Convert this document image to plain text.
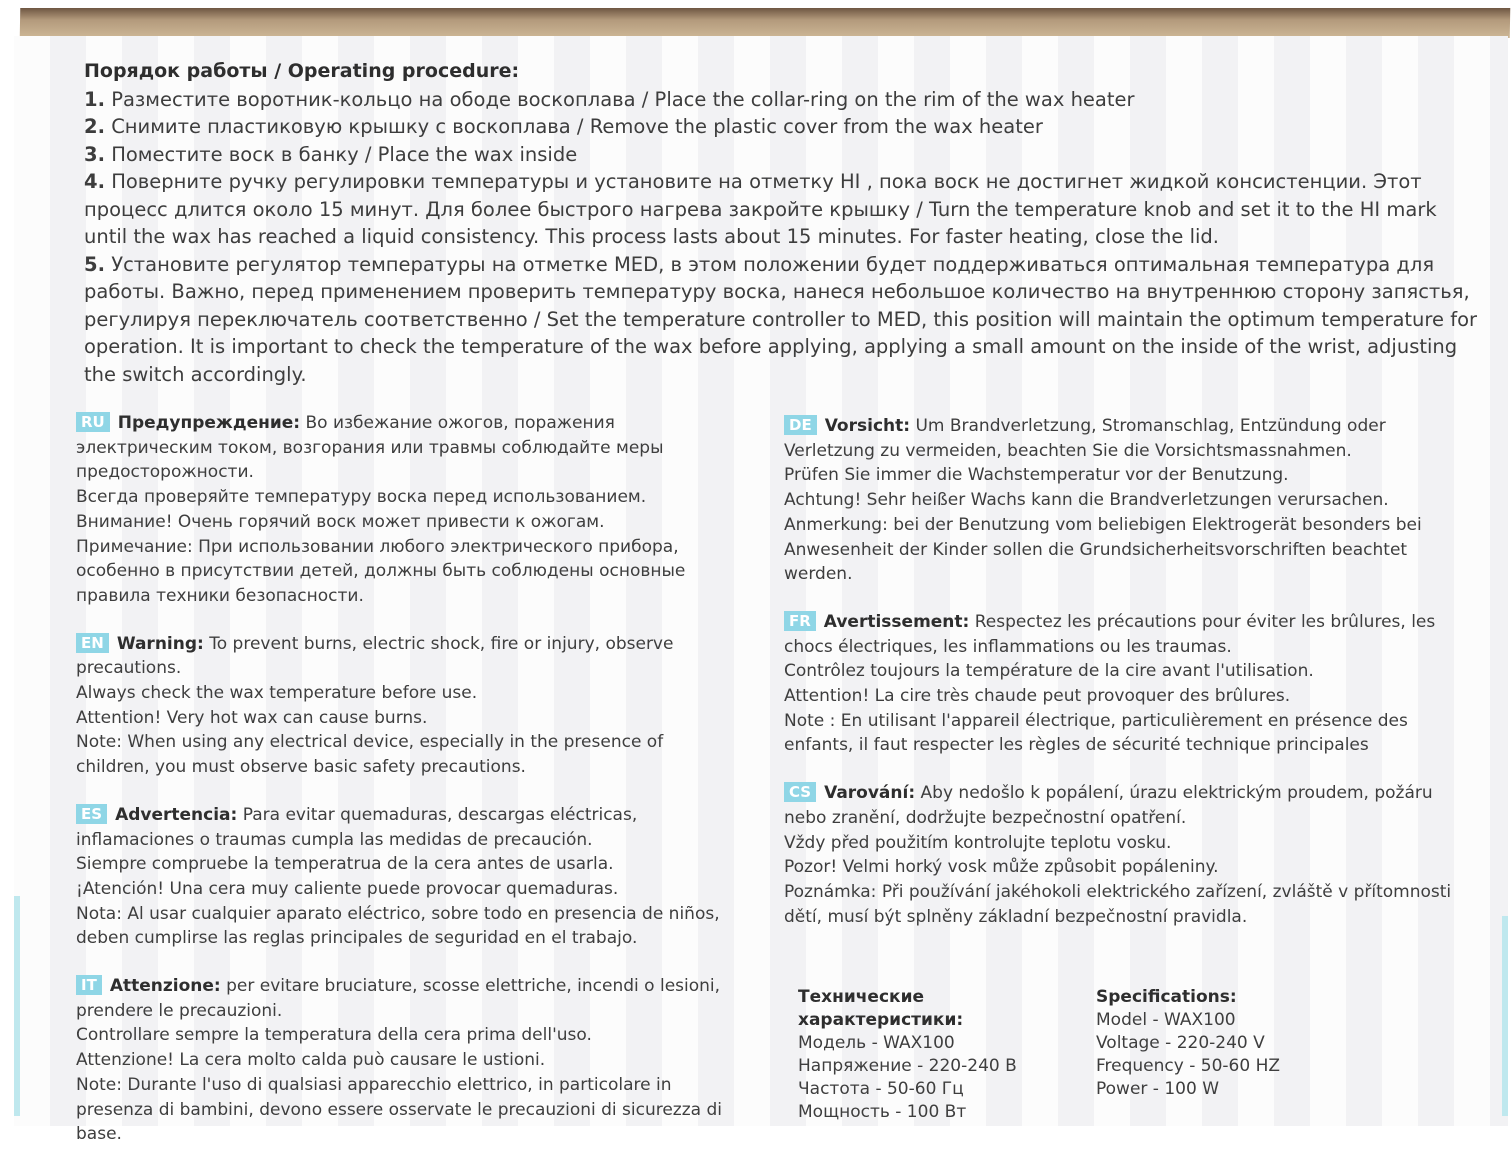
Порядок работы / Operating procedure:

1. Разместите воротник-кольцо на ободе воскоплава / Place the collar-ring on the rim of the wax heater

2. Снимите пластиковую крышку с воскоплава / Remove the plastic cover from the wax heater

3. Поместите воск в банку / Place the wax inside

4. Поверните ручку регулировки температуры и установите на отметку HI , пока воск не достигнет жидкой консистенции. Этот процесс длится около 15 минут. Для более быстрого нагрева закройте крышку / Turn the temperature knob and set it to the HI mark until the wax has reached a liquid consistency. This process lasts about 15 minutes. For faster heating, close the lid.

5. Установите регулятор температуры на отметке MED, в этом положении будет поддерживаться оптимальная температура для работы. Важно, перед применением проверить температуру воска, нанеся небольшое количество на внутреннюю сторону запястья, регулируя переключатель соответственно / Set the temperature controller to MED, this position will maintain the optimum temperature for operation. It is important to check the temperature of the wax before applying, applying a small amount on the inside of the wrist, adjusting the switch accordingly.

RU Предупреждение: Во избежание ожогов, поражения электрическим током, возгорания или травмы соблюдайте меры предосторожности.

Всегда проверяйте температуру воска перед использованием.

Внимание! Очень горячий воск может привести к ожогам.

Примечание: При использовании любого электрического прибора, особенно в присутствии детей, должны быть соблюдены основные правила техники безопасности.

EN Warning: To prevent burns, electric shock, fire or injury, observe precautions.

Always check the wax temperature before use.

Attention! Very hot wax can cause burns.

Note: When using any electrical device, especially in the presence of children, you must observe basic safety precautions.

ES Advertencia: Para evitar quemaduras, descargas eléctricas, inflamaciones o traumas cumpla las medidas de precaución.

Siempre compruebe la temperatrua de la cera antes de usarla.

¡Atención! Una cera muy caliente puede provocar quemaduras.

Nota: Al usar cualquier aparato eléctrico, sobre todo en presencia de niños, deben cumplirse las reglas principales de seguridad en el trabajo.

IT Attenzione: per evitare bruciature, scosse elettriche, incendi o lesioni, prendere le precauzioni.

Controllare sempre la temperatura della cera prima dell'uso.

Attenzione! La cera molto calda può causare le ustioni.

Note: Durante l'uso di qualsiasi apparecchio elettrico, in particolare in presenza di bambini, devono essere osservate le precauzioni di sicurezza di base.

DE Vorsicht: Um Brandverletzung, Stromanschlag, Entzündung oder Verletzung zu vermeiden, beachten Sie die Vorsichtsmassnahmen.

Prüfen Sie immer die Wachstemperatur vor der Benutzung.

Achtung! Sehr heißer Wachs kann die Brandverletzungen verursachen.

Anmerkung: bei der Benutzung vom beliebigen Elektrogerät besonders bei Anwesenheit der Kinder sollen die Grundsicherheitsvorschriften beachtet werden.

FR Avertissement: Respectez les précautions pour éviter les brûlures, les chocs électriques, les inflammations ou les traumas.

Contrôlez toujours la température de la cire avant l'utilisation.

Attention! La cire très chaude peut provoquer des brûlures.

Note : En utilisant l'appareil électrique, particulièrement en présence des enfants, il faut respecter les règles de sécurité technique principales

CS Varování: Aby nedošlo k popálení, úrazu elektrickým proudem, požáru nebo zranění, dodržujte bezpečnostní opatření.

Vždy před použitím kontrolujte teplotu vosku.

Pozor! Velmi horký vosk může způsobit popáleniny.

Poznámka: Při používání jakéhokoli elektrického zařízení, zvláště v přítomnosti dětí, musí být splněny základní bezpečnostní pravidla.

Технические характеристики:

Модель - WAX100

Напряжение - 220-240 В

Частота - 50-60 Гц

Мощность - 100 Вт

Specifications:

Model - WAX100

Voltage - 220-240 V

Frequency - 50-60 HZ

Power - 100 W
